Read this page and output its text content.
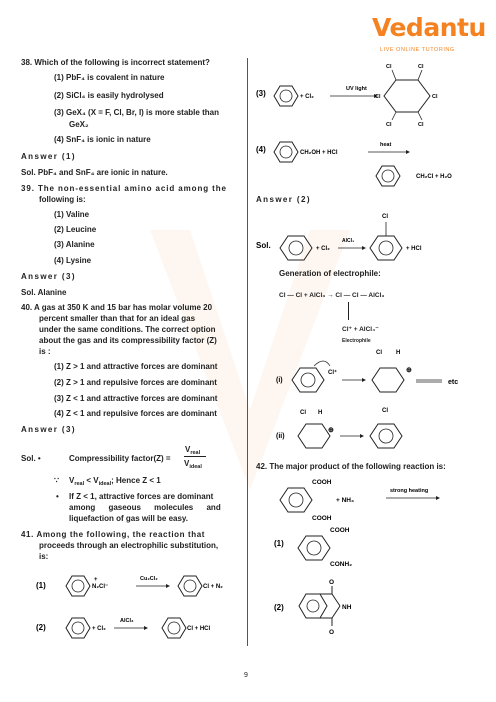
Vedantu
LIVE ONLINE TUTORING
38. Which of the following is incorrect statement?
(1) PbF₄ is covalent in nature
(2) SiCl₄ is easily hydrolysed
(3) GeX₄ (X = F, Cl, Br, I) is more stable than
GeX₂
(4) SnF₄ is ionic in nature
Answer (1)
Sol. PbF₄ and SnF₄ are ionic in nature.
39. The non-essential amino acid among the
following is:
(1) Valine
(2) Leucine
(3) Alanine
(4) Lysine
Answer (3)
Sol. Alanine
40. A gas at 350 K and 15 bar has molar volume 20
percent smaller than that for an ideal gas
under the same conditions. The correct option
about the gas and its compressibility factor (Z)
is :
(1) Z > 1 and attractive forces are dominant
(2) Z > 1 and repulsive forces are dominant
(3) Z < 1 and attractive forces are dominant
(4) Z < 1 and repulsive forces are dominant
Answer (3)
Sol. •	Compressibility factor(Z) =
$V_{real}$
$V_{ideal}$
∵ $V_{real} < V_{ideal}$; Hence Z < 1
• If Z < 1, attractive forces are dominant
among gaseous molecules and
liquefaction of gas will be easy.
41. Among the following, the reaction that
proceeds through an electrophilic substitution,
is:
(1)	N₂Cl⁻
+	Cu₂Cl₂
Cl + N₂
(2)	+ Cl₂
AlCl₃
Cl + HCl
(3)	+ Cl₂
UV light
Cl	Cl
Cl	Cl
Cl	Cl
(4)	CH₂OH + HCl
heat
CH₂Cl + H₂O
Answer (2)
Sol.	+ Cl₂
AlCl₃
Cl
+ HCl
Generation of electrophile:
Cl — Cl + AlCl₃ → Cl — Cl — AlCl₃
Cl⁺ + AlCl₄⁻
Electrophile
(i)
Cl⁺
Cl H
⊕
etc
(ii)
Cl H
⊕
Cl
42. The major product of the following reaction is:
COOH
COOH
+ NH₃
strong heating
(1)
COOH
CONH₂
(2)
O
O
NH
9
